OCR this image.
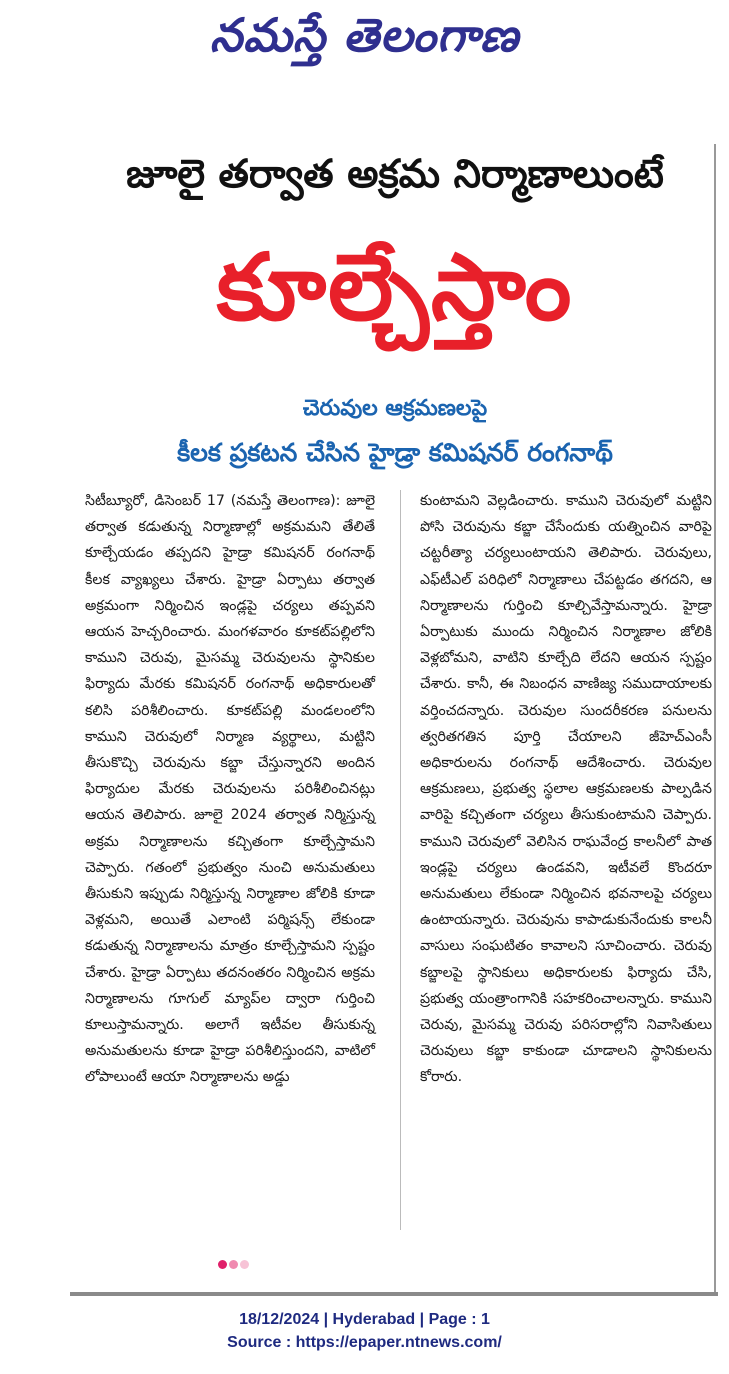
నమస్తే తెలంగాణ
జూలై తర్వాత అక్రమ నిర్మాణాలుంటే
కూల్చేస్తాం
చెరువుల ఆక్రమణలపై
కీలక ప్రకటన చేసిన హైడ్రా కమిషనర్ రంగనాథ్

సిటీబ్యూరో, డిసెంబర్ 17 (నమస్తే తెలంగాణ): జూలై తర్వాత కడుతున్న నిర్మాణాల్లో అక్రమమని తేలితే కూల్చేయడం తప్పదని హైడ్రా కమిషనర్ రంగనాథ్ కీలక వ్యాఖ్యలు చేశారు. హైడ్రా ఏర్పాటు తర్వాత అక్రమంగా నిర్మించిన ఇండ్లపై చర్యలు తప్పవని ఆయన హెచ్చరించారు. మంగళవారం కూకట్‌పల్లిలోని కాముని చెరువు, మైసమ్మ చెరువులను స్థానికుల ఫిర్యాదు మేరకు కమిషనర్ రంగనాథ్ అధికారులతో కలిసి పరిశీలించారు. కూకట్‌పల్లి మండలంలోని కాముని చెరువులో నిర్మాణ వ్యర్థాలు, మట్టిని తీసుకొచ్చి చెరువును కబ్జా చేస్తున్నారని అందిన ఫిర్యాదుల మేరకు చెరువులను పరిశీలించినట్లు ఆయన తెలిపారు. జూలై 2024 తర్వాత నిర్మిస్తున్న అక్రమ నిర్మాణాలను కచ్చితంగా కూల్చేస్తామని చెప్పారు. గతంలో ప్రభుత్వం నుంచి అనుమతులు తీసుకుని ఇప్పుడు నిర్మిస్తున్న నిర్మాణాల జోలికి కూడా వెళ్లమని, అయితే ఎలాంటి పర్మిషన్స్ లేకుండా కడుతున్న నిర్మాణాలను మాత్రం కూల్చేస్తామని స్పష్టం చేశారు. హైడ్రా ఏర్పాటు తదనంతరం నిర్మించిన అక్రమ నిర్మాణాలను గూగుల్ మ్యాప్‌ల ద్వారా గుర్తించి కూలుస్తామన్నారు. అలాగే ఇటీవల తీసుకున్న అనుమతులను కూడా హైడ్రా పరిశీలిస్తుందని, వాటిలో లోపాలుంటే ఆయా నిర్మాణాలను అడ్డు

కుంటామని వెల్లడించారు. కాముని చెరువులో మట్టిని పోసి చెరువును కబ్జా చేసేందుకు యత్నించిన వారిపై చట్టరీత్యా చర్యలుంటాయని తెలిపారు. చెరువులు, ఎఫ్‌టీఎల్ పరిధిలో నిర్మాణాలు చేపట్టడం తగదని, ఆ నిర్మాణాలను గుర్తించి కూల్చివేస్తామన్నారు. హైడ్రా ఏర్పాటుకు ముందు నిర్మించిన నిర్మాణాల జోలికి వెళ్లబోమని, వాటిని కూల్చేది లేదని ఆయన స్పష్టం చేశారు. కానీ, ఈ నిబంధన వాణిజ్య సముదాయాలకు వర్తించదన్నారు. చెరువుల సుందరీకరణ పనులను త్వరితగతిన పూర్తి చేయాలని జీహెచ్‌ఎంసీ అధికారులను రంగనాథ్ ఆదేశించారు. చెరువుల ఆక్రమణలు, ప్రభుత్వ స్థలాల ఆక్రమణలకు పాల్పడిన వారిపై కచ్చితంగా చర్యలు తీసుకుంటామని చెప్పారు. కాముని చెరువులో వెలిసిన రాఘవేంద్ర కాలనీలో పాత ఇండ్లపై చర్యలు ఉండవని, ఇటీవలే కొందరూ అనుమతులు లేకుండా నిర్మించిన భవనాలపై చర్యలు ఉంటాయన్నారు. చెరువును కాపాడుకునేందుకు కాలనీ వాసులు సంఘటితం కావాలని సూచించారు. చెరువు కబ్జాలపై స్థానికులు అధికారులకు ఫిర్యాదు చేసి, ప్రభుత్వ యంత్రాంగానికి సహకరించాలన్నారు. కాముని చెరువు, మైసమ్మ చెరువు పరిసరాల్లోని నివాసితులు చెరువులు కబ్జా కాకుండా చూడాలని స్థానికులను కోరారు.

18/12/2024 | Hyderabad | Page : 1
Source : https://epaper.ntnews.com/
